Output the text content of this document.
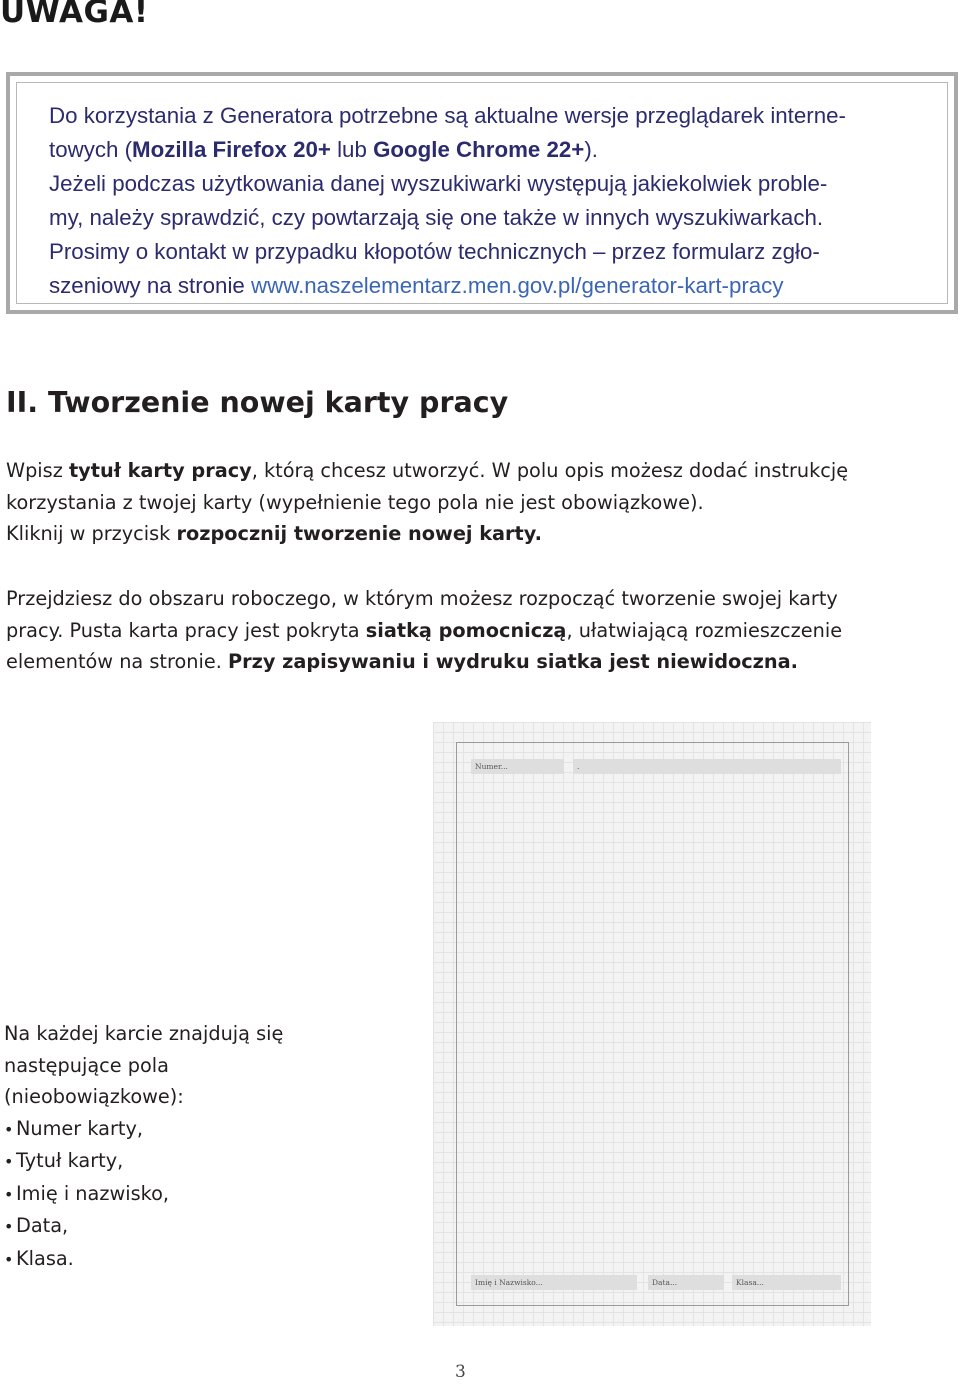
UWAGA!
Do korzystania z Generatora potrzebne są aktualne wersje przeglądarek interne-
towych (Mozilla Firefox 20+ lub Google Chrome 22+).
Jeżeli podczas użytkowania danej wyszukiwarki występują jakiekolwiek proble-
my, należy sprawdzić, czy powtarzają się one także w innych wyszukiwarkach.
Prosimy o kontakt w przypadku kłopotów technicznych – przez formularz zgło-
szeniowy na stronie www.naszelementarz.men.gov.pl/generator-kart-pracy
II. Tworzenie nowej karty pracy
Wpisz tytuł karty pracy, którą chcesz utworzyć. W polu opis możesz dodać instrukcję
korzystania z twojej karty (wypełnienie tego pola nie jest obowiązkowe).
Kliknij w przycisk rozpocznij tworzenie nowej karty.
Przejdziesz do obszaru roboczego, w którym możesz rozpocząć tworzenie swojej karty
pracy. Pusta karta pracy jest pokryta siatką pomocniczą, ułatwiającą rozmieszczenie
elementów na stronie. Przy zapisywaniu i wydruku siatka jest niewidoczna.
Na każdej karcie znajdują się
następujące pola
(nieobowiązkowe):
• Numer karty,
• Tytuł karty,
• Imię i nazwisko,
• Data,
• Klasa.
Numer...	.
Imię i Nazwisko...	Data...	Klasa...
3
